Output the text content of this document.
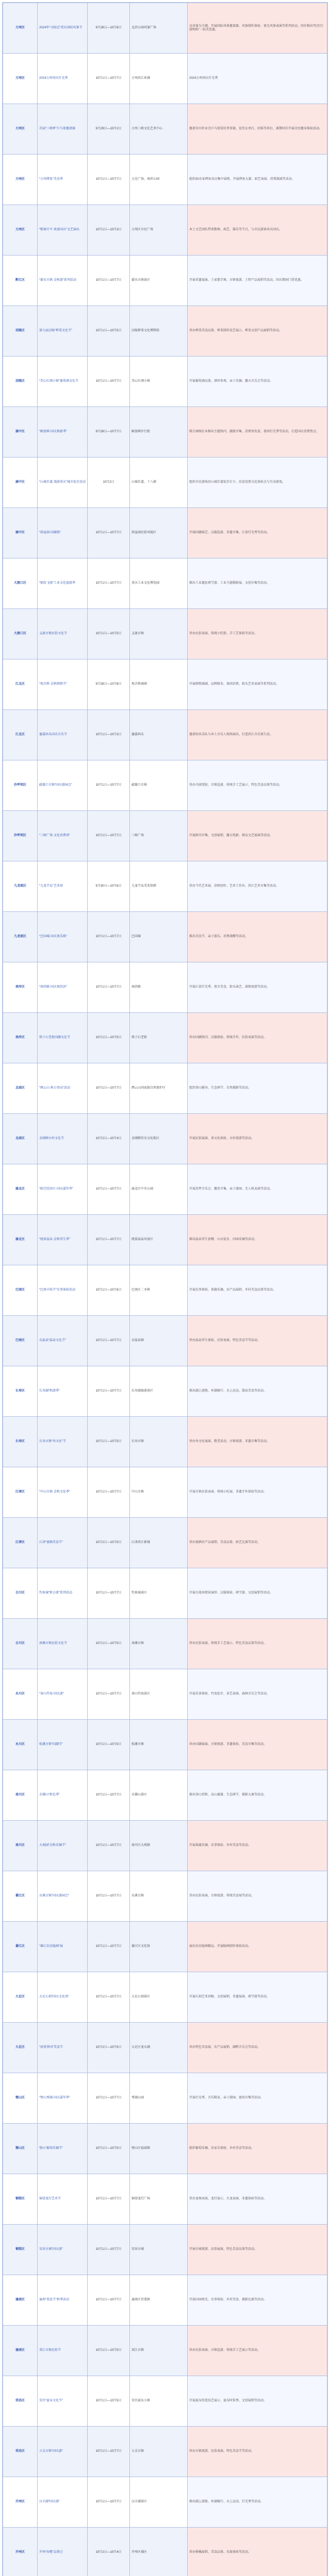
万州区	2024年“寻仙记”重庆国际风筝节	9月28日—10月8日	北滨公园风筝广场	以风筝为主题，开展国际风筝邀请赛、风筝制作体验、夜光风筝表演等系列活动，同步推出“吃住行游购娱”一站式优惠。
万州区	2024万州国庆灯光秀	10月1日—10月7日	万州滨江环湖	2024万州国庆灯光秀
万州区	首届“三峡杯”乒乓球邀请赛	9月29日—10月2日	万州三峡文化艺术中心	邀请市内外业余乒乓球爱好者参赛，设男女单打、团体等项目，赛期同步开展全民健身体验活动。
万州区	“万州烤鱼”美食季	10月1日—10月7日	万达广场、南滨公园	组织30余家烤鱼名店集中展销，开展烤鱼大赛、厨艺表演、消费满减等活动。
万州区	“歌舞升平·欢度国庆”文艺演出	10月1日—10月3日	万州区市民广场	本土文艺团队带来歌舞、曲艺、器乐等节目，与市民游客共庆国庆。
黔江区	“濯水古镇·金秋游”系列活动	10月1日—10月7日	濯水古镇景区	开展非遗展演、土家摆手舞、古镇夜游、土特产品展销等活动，国庆期间门票优惠。
涪陵区	第九届涪陵“榨菜文化节”	10月1日—10月5日	涪陵榨菜文化博物馆	举办榨菜美食品鉴、榨菜制作技艺展示、榨菜文创产品展销等活动。
涪陵区	“美心红酒小镇”葡萄酒文化节	10月1日—10月7日	美心红酒小镇	开展葡萄酒品鉴、酒窖参观、亲子采摘、露天音乐会等活动。
渝中区	“解放碑·国庆焕新季”	9月28日—10月7日	解放碑步行街	联合商圈企业推出主题快闪、潮流市集、消费券发放、夜间灯光秀等活动，打造国庆消费热点。
渝中区	“山城步道·漫游重庆”城市徒步活动	10月2日	山城步道、十八梯	组织市民游客沿山城步道徒步打卡，沿途设置文化体验点与互动游戏。
渝中区	“洪崖洞·国潮夜”	10月1日—10月7日	洪崖洞民俗风貌区	开展国潮演艺、汉服巡游、非遗市集、江景灯光秀等活动。
大渡口区	“钢花飞扬”工业文化旅游季	10月1日—10月7日	重庆工业文化博览园	推出工业遗址研学游、工业主题摄影展、文创市集等活动。
大渡口区	义渡古镇民俗文化节	10月1日—10月5日	义渡古镇	举办民俗表演、传统小吃街、手工艺体验等活动。
江北区	“观音桥·金秋购物节”	9月28日—10月8日	观音桥商圈	开展购物满减、品牌联名、夜间消费、街头艺术表演等系列活动。
江北区	鎏嘉码头国庆音乐节	10月1日—10月3日	鎏嘉码头	邀请知名乐队与本土音乐人现场演出，打造滨江音乐夜生活。
沙坪坝区	磁器口古镇“国庆游园会”	10月1日—10月7日	磁器口古镇	举办川剧变脸、古镇巡游、传统手工艺展示、特色美食品鉴等活动。
沙坪坝区	“三峡广场·文化消费周”	10月1日—10月7日	三峡广场	开展图书市集、文创展销、露天电影、群众文艺展演等活动。
九龙坡区	“九龙半岛”艺术周	9月30日—10月6日	九龙半岛美术馆群	举办当代艺术展、涂鸦创作、艺术工作坊、滨江艺术市集等活动。
九龙坡区	“巴国城·国庆欢乐购”	10月1日—10月7日	巴国城	推出美食节、亲子游乐、消费满赠等活动。
南岸区	“南滨路·国庆夜经济”	10月1日—10月7日	南滨路	开展江景灯光秀、夜市美食、街头演艺、游船夜游等活动。
南岸区	弹子石老街国潮文化节	10月1日—10月5日	弹子石老街	举办国潮快闪、汉服体验、传统手作、民俗表演等活动。
北碚区	“缙云山·秋日登高”活动	10月1日—10月7日	缙云山国家级自然保护区	组织登山健身、生态研学、自然摄影等活动。
北碚区	金刚碑古村文化节	10月2日—10月4日	金刚碑历史文化街区	开展民俗展演、茶文化体验、古村夜游等活动。
渝北区	“临空经济区·国庆嘉年华”	10月1日—10月7日	渝北区中央公园	开展草坪音乐会、露营市集、亲子游园、无人机表演等活动。
渝北区	“统景温泉·金秋养生季”	10月1日—10月7日	统景温泉风景区	推出温泉养生套餐、山水徒步、田园采摘等活动。
巴南区	“巴南丰收节”农事体验活动	10月1日—10月6日	巴南区二圣镇	开展农事体验、果蔬采摘、农产品展销、乡村美食品鉴等活动。
巴南区	东温泉“温泉文化节”	10月1日—10月7日	东温泉镇	举办温泉养生体验、民俗表演、特色美食节等活动。
长寿区	长寿湖“秋游季”	10月1日—10月7日	长寿湖旅游景区	推出湖上游船、环湖骑行、水上运动、渔家美食等活动。
长寿区	长寿古镇“寿文化”节	10月1日—10月5日	长寿古镇	举办寿文化展演、敬老活动、古镇夜游、非遗市集等活动。
江津区	“中山古镇·金秋文化季”	10月1日—10月7日	中山古镇	开展古镇民俗表演、传统小吃展、非遗手作体验等活动。
江津区	江津“富硒美食节”	10月2日—10月5日	江津滨江新城	举办富硒农产品展销、美食品鉴、厨艺比赛等活动。
合川区	钓鱼城“秋日游”系列活动	10月1日—10月7日	钓鱼城景区	开展古战场情景演绎、汉服体验、研学游、文创展销等活动。
合川区	涞滩古镇民俗文化节	10月1日—10月5日	涞滩古镇	举办民俗表演、传统手工艺展示、特色美食品鉴等活动。
永川区	“茶山竹海·国庆游”	10月1日—10月7日	茶山竹海景区	开展采茶体验、竹海徒步、茶艺表演、森林音乐会等活动。
永川区	松溉古镇“国潮节”	10月1日—10月5日	松溉古镇	举办国潮展演、古镇夜游、非遗体验、美食市集等活动。
南川区	金佛山“秋色季”	10月1日—10月7日	金佛山景区	推出登山赏秋、高山避暑、生态研学、摄影大赛等活动。
南川区	大观园“金秋采摘节”	10月1日—10月7日	南川区大观镇	开展果蔬采摘、农事体验、乡村美食等活动。
綦江区	东溪古镇“国庆游园会”	10月1日—10月7日	东溪古镇	举办民俗表演、古镇夜游、传统美食展等活动。
綦江区	“綦江农民版画”展	10月1日—10月7日	綦江区文化馆	展出农民版画精品，开展版画制作体验活动。
大足区	大足石刻“国庆文化周”	10月1日—10月7日	大足石刻景区	开展石刻艺术讲解、文创展销、非遗展演、研学游等活动。
大足区	“海棠香国”美食节	10月2日—10月5日	大足区龙水湖	举办特色美食展、农产品展销、湖畔音乐会等活动。
璧山区	“璧山秀湖·国庆嘉年华”	10月1日—10月7日	秀湖公园	开展灯光秀、音乐喷泉、亲子游园、夜间市集等活动。
璧山区	璧山“葡萄采摘节”	10月1日—10月5日	璧山区福禄镇	组织葡萄采摘、农家乐体验、乡村美食等活动。
铜梁区	铜梁龙灯艺术节	10月1日—10月7日	铜梁龙灯广场	举办龙舞表演、龙灯展示、火龙表演、非遗体验等活动。
铜梁区	安居古城“国庆游”	10月1日—10月7日	安居古城	开展古城夜游、民俗展演、特色美食品鉴等活动。
潼南区	潼南“菜花节”秋季活动	10月1日—10月7日	潼南区崇龛镇	开展田园观光、农事体验、乡村美食、摄影比赛等活动。
潼南区	双江古镇民俗节	10月1日—10月5日	双江古镇	举办民俗表演、古镇巡游、传统手工艺展示等活动。
荣昌区	荣昌“夏布文化节”	10月1日—10月5日	荣昌夏布小镇	开展夏布织造技艺展示、夏布时装秀、文创展销等活动。
荣昌区	万灵古镇“国庆游”	10月1日—10月7日	万灵古镇	举办古镇夜游、民俗表演、特色美食节等活动。
开州区	汉丰湖“国庆游”	10月1日—10月7日	汉丰湖景区	推出湖上游船、环湖骑行、水上运动、灯光秀等活动。
开州区	开州“春橙”品鉴会	10月2日—10月4日	开州区城区	举办柑橘展销、美食品鉴、农旅体验等活动。
